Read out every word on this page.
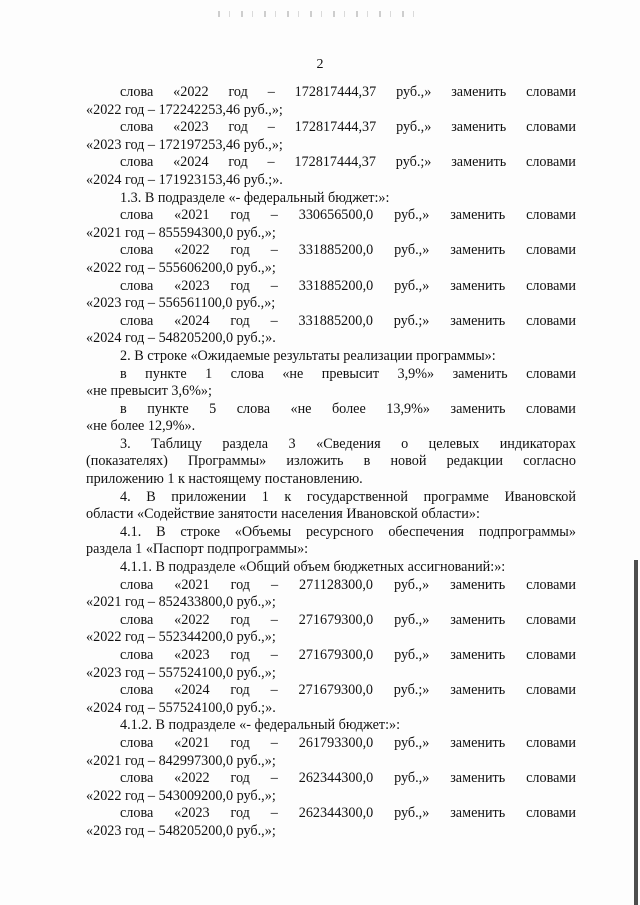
2
слова «2022 год – 172817444,37 руб.,» заменить словами
«2022 год – 172242253,46 руб.,»;
слова «2023 год – 172817444,37 руб.,» заменить словами
«2023 год – 172197253,46 руб.,»;
слова «2024 год – 172817444,37 руб.;» заменить словами
«2024 год – 171923153,46 руб.;».
1.3. В подразделе «- федеральный бюджет:»:
слова «2021 год – 330656500,0 руб.,» заменить словами
«2021 год – 855594300,0 руб.,»;
слова «2022 год – 331885200,0 руб.,» заменить словами
«2022 год – 555606200,0 руб.,»;
слова «2023 год – 331885200,0 руб.,» заменить словами
«2023 год – 556561100,0 руб.,»;
слова «2024 год – 331885200,0 руб.;» заменить словами
«2024 год – 548205200,0 руб.;».
2. В строке «Ожидаемые результаты реализации программы»:
в пункте 1 слова «не превысит 3,9%» заменить словами
«не превысит 3,6%»;
в пункте 5 слова «не более 13,9%» заменить словами
«не более 12,9%».
3. Таблицу раздела 3 «Сведения о целевых индикаторах
(показателях) Программы» изложить в новой редакции согласно
приложению 1 к настоящему постановлению.
4. В приложении 1 к государственной программе Ивановской
области «Содействие занятости населения Ивановской области»:
4.1. В строке «Объемы ресурсного обеспечения подпрограммы»
раздела 1 «Паспорт подпрограммы»:
4.1.1. В подразделе «Общий объем бюджетных ассигнований:»:
слова «2021 год – 271128300,0 руб.,» заменить словами
«2021 год – 852433800,0 руб.,»;
слова «2022 год – 271679300,0 руб.,» заменить словами
«2022 год – 552344200,0 руб.,»;
слова «2023 год – 271679300,0 руб.,» заменить словами
«2023 год – 557524100,0 руб.,»;
слова «2024 год – 271679300,0 руб.;» заменить словами
«2024 год – 557524100,0 руб.;».
4.1.2. В подразделе «- федеральный бюджет:»:
слова «2021 год – 261793300,0 руб.,» заменить словами
«2021 год – 842997300,0 руб.,»;
слова «2022 год – 262344300,0 руб.,» заменить словами
«2022 год – 543009200,0 руб.,»;
слова «2023 год – 262344300,0 руб.,» заменить словами
«2023 год – 548205200,0 руб.,»;
